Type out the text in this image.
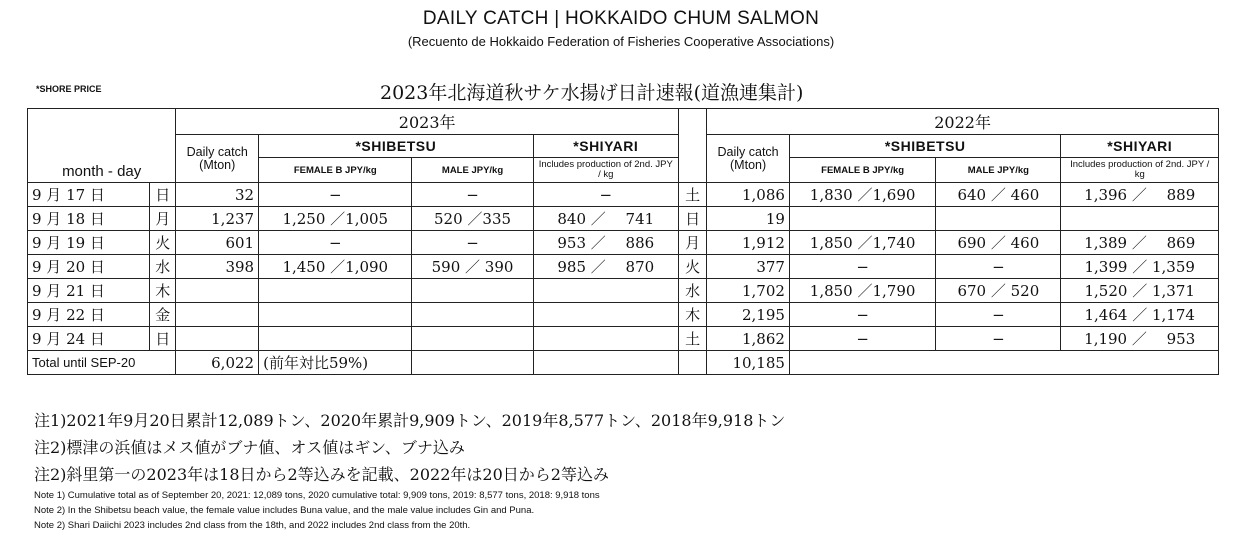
DAILY CATCH | HOKKAIDO CHUM SALMON
(Recuento de Hokkaido Federation of Fisheries Cooperative Associations)
*SHORE PRICE	2023年北海道秋サケ水揚げ日計速報(道漁連集計)
month - day		2023年					2022年			
		Daily catch (Mton)	*SHIBETSU		*SHIYARI		Daily catch (Mton)	*SHIBETSU		*SHIYARI
			FEMALE B JPY/kg	MALE JPY/kg	Includes production of 2nd. JPY / kg			FEMALE B JPY/kg	MALE JPY/kg	Includes production of 2nd. JPY / kg
9 月 17 日	日	32	−	−	−	土	1,086	1,830 ／1,690	640 ／ 460	1,396 ／　 889
9 月 18 日	月	1,237	1,250 ／1,005	520 ／335	840 ／　 741	日	19			
9 月 19 日	火	601	−	−	953 ／　 886	月	1,912	1,850 ／1,740	690 ／ 460	1,389 ／　 869
9 月 20 日	水	398	1,450 ／1,090	590 ／ 390	985 ／　 870	火	377	−	−	1,399 ／ 1,359
9 月 21 日	木					水	1,702	1,850 ／1,790	670 ／ 520	1,520 ／ 1,371
9 月 22 日	金					木	2,195	−	−	1,464 ／ 1,174
9 月 24 日	日					土	1,862	−	−	1,190 ／　 953
Total until SEP-20		6,022	(前年対比59%)				10,185			
注1)2021年9月20日累計12,089トン、2020年累計9,909トン、2019年8,577トン、2018年9,918トン
注2)標津の浜値はメス値がブナ値、オス値はギン、ブナ込み
注2)斜里第一の2023年は18日から2等込みを記載、2022年は20日から2等込み
Note 1) Cumulative total as of September 20, 2021: 12,089 tons, 2020 cumulative total: 9,909 tons, 2019: 8,577 tons, 2018: 9,918 tons
Note 2) In the Shibetsu beach value, the female value includes Buna value, and the male value includes Gin and Puna.
Note 2) Shari Daiichi 2023 includes 2nd class from the 18th, and 2022 includes 2nd class from the 20th.
